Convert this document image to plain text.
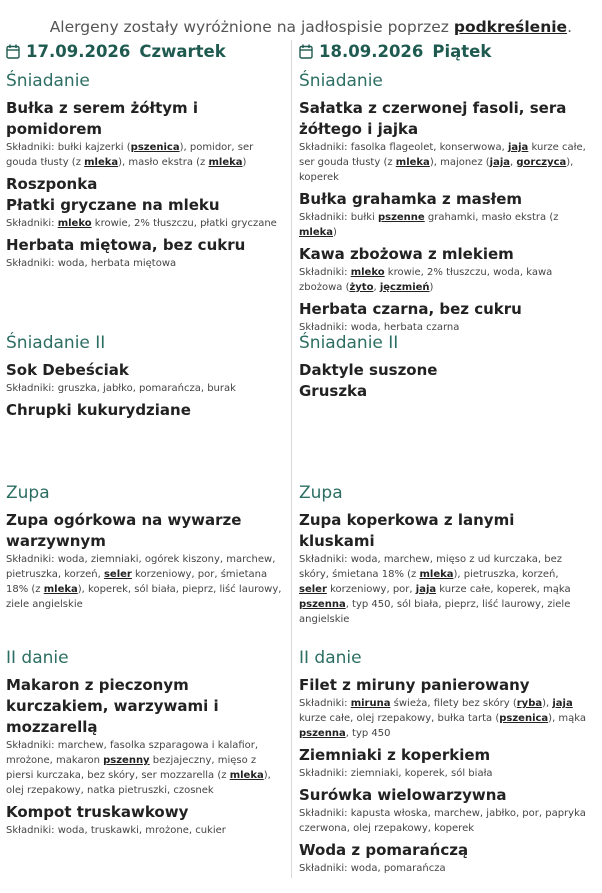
Alergeny zostały wyróżnione na jadłospisie poprzez podkreślenie.
17.09.2026 Czwartek
Śniadanie
Bułka z serem żółtym i pomidorem
Składniki: bułki kajzerki (pszenica), pomidor, ser gouda tłusty (z mleka), masło ekstra (z mleka)
Roszponka
Płatki gryczane na mleku
Składniki: mleko krowie, 2% tłuszczu, płatki gryczane
Herbata miętowa, bez cukru
Składniki: woda, herbata miętowa
Śniadanie II
Sok Debeściak
Składniki: gruszka, jabłko, pomarańcza, burak
Chrupki kukurydziane
Zupa
Zupa ogórkowa na wywarze warzywnym
Składniki: woda, ziemniaki, ogórek kiszony, marchew, pietruszka, korzeń, seler korzeniowy, por, śmietana 18% (z mleka), koperek, sól biała, pieprz, liść laurowy, ziele angielskie
II danie
Makaron z pieczonym kurczakiem, warzywami i mozzarellą
Składniki: marchew, fasolka szparagowa i kalafior, mrożone, makaron pszenny bezjajeczny, mięso z piersi kurczaka, bez skóry, ser mozzarella (z mleka), olej rzepakowy, natka pietruszki, czosnek
Kompot truskawkowy
Składniki: woda, truskawki, mrożone, cukier
18.09.2026 Piątek
Śniadanie
Sałatka z czerwonej fasoli, sera żółtego i jajka
Składniki: fasolka flageolet, konserwowa, jaja kurze całe, ser gouda tłusty (z mleka), majonez (jaja, gorczyca), koperek
Bułka grahamka z masłem
Składniki: bułki pszenne grahamki, masło ekstra (z mleka)
Kawa zbożowa z mlekiem
Składniki: mleko krowie, 2% tłuszczu, woda, kawa zbożowa (żyto, jęczmień)
Herbata czarna, bez cukru
Składniki: woda, herbata czarna
Śniadanie II
Daktyle suszone
Gruszka
Zupa
Zupa koperkowa z lanymi kluskami
Składniki: woda, marchew, mięso z ud kurczaka, bez skóry, śmietana 18% (z mleka), pietruszka, korzeń, seler korzeniowy, por, jaja kurze całe, koperek, mąka pszenna, typ 450, sól biała, pieprz, liść laurowy, ziele angielskie
II danie
Filet z miruny panierowany
Składniki: miruna świeża, filety bez skóry (ryba), jaja kurze całe, olej rzepakowy, bułka tarta (pszenica), mąka pszenna, typ 450
Ziemniaki z koperkiem
Składniki: ziemniaki, koperek, sól biała
Surówka wielowarzywna
Składniki: kapusta włoska, marchew, jabłko, por, papryka czerwona, olej rzepakowy, koperek
Woda z pomarańczą
Składniki: woda, pomarańcza
